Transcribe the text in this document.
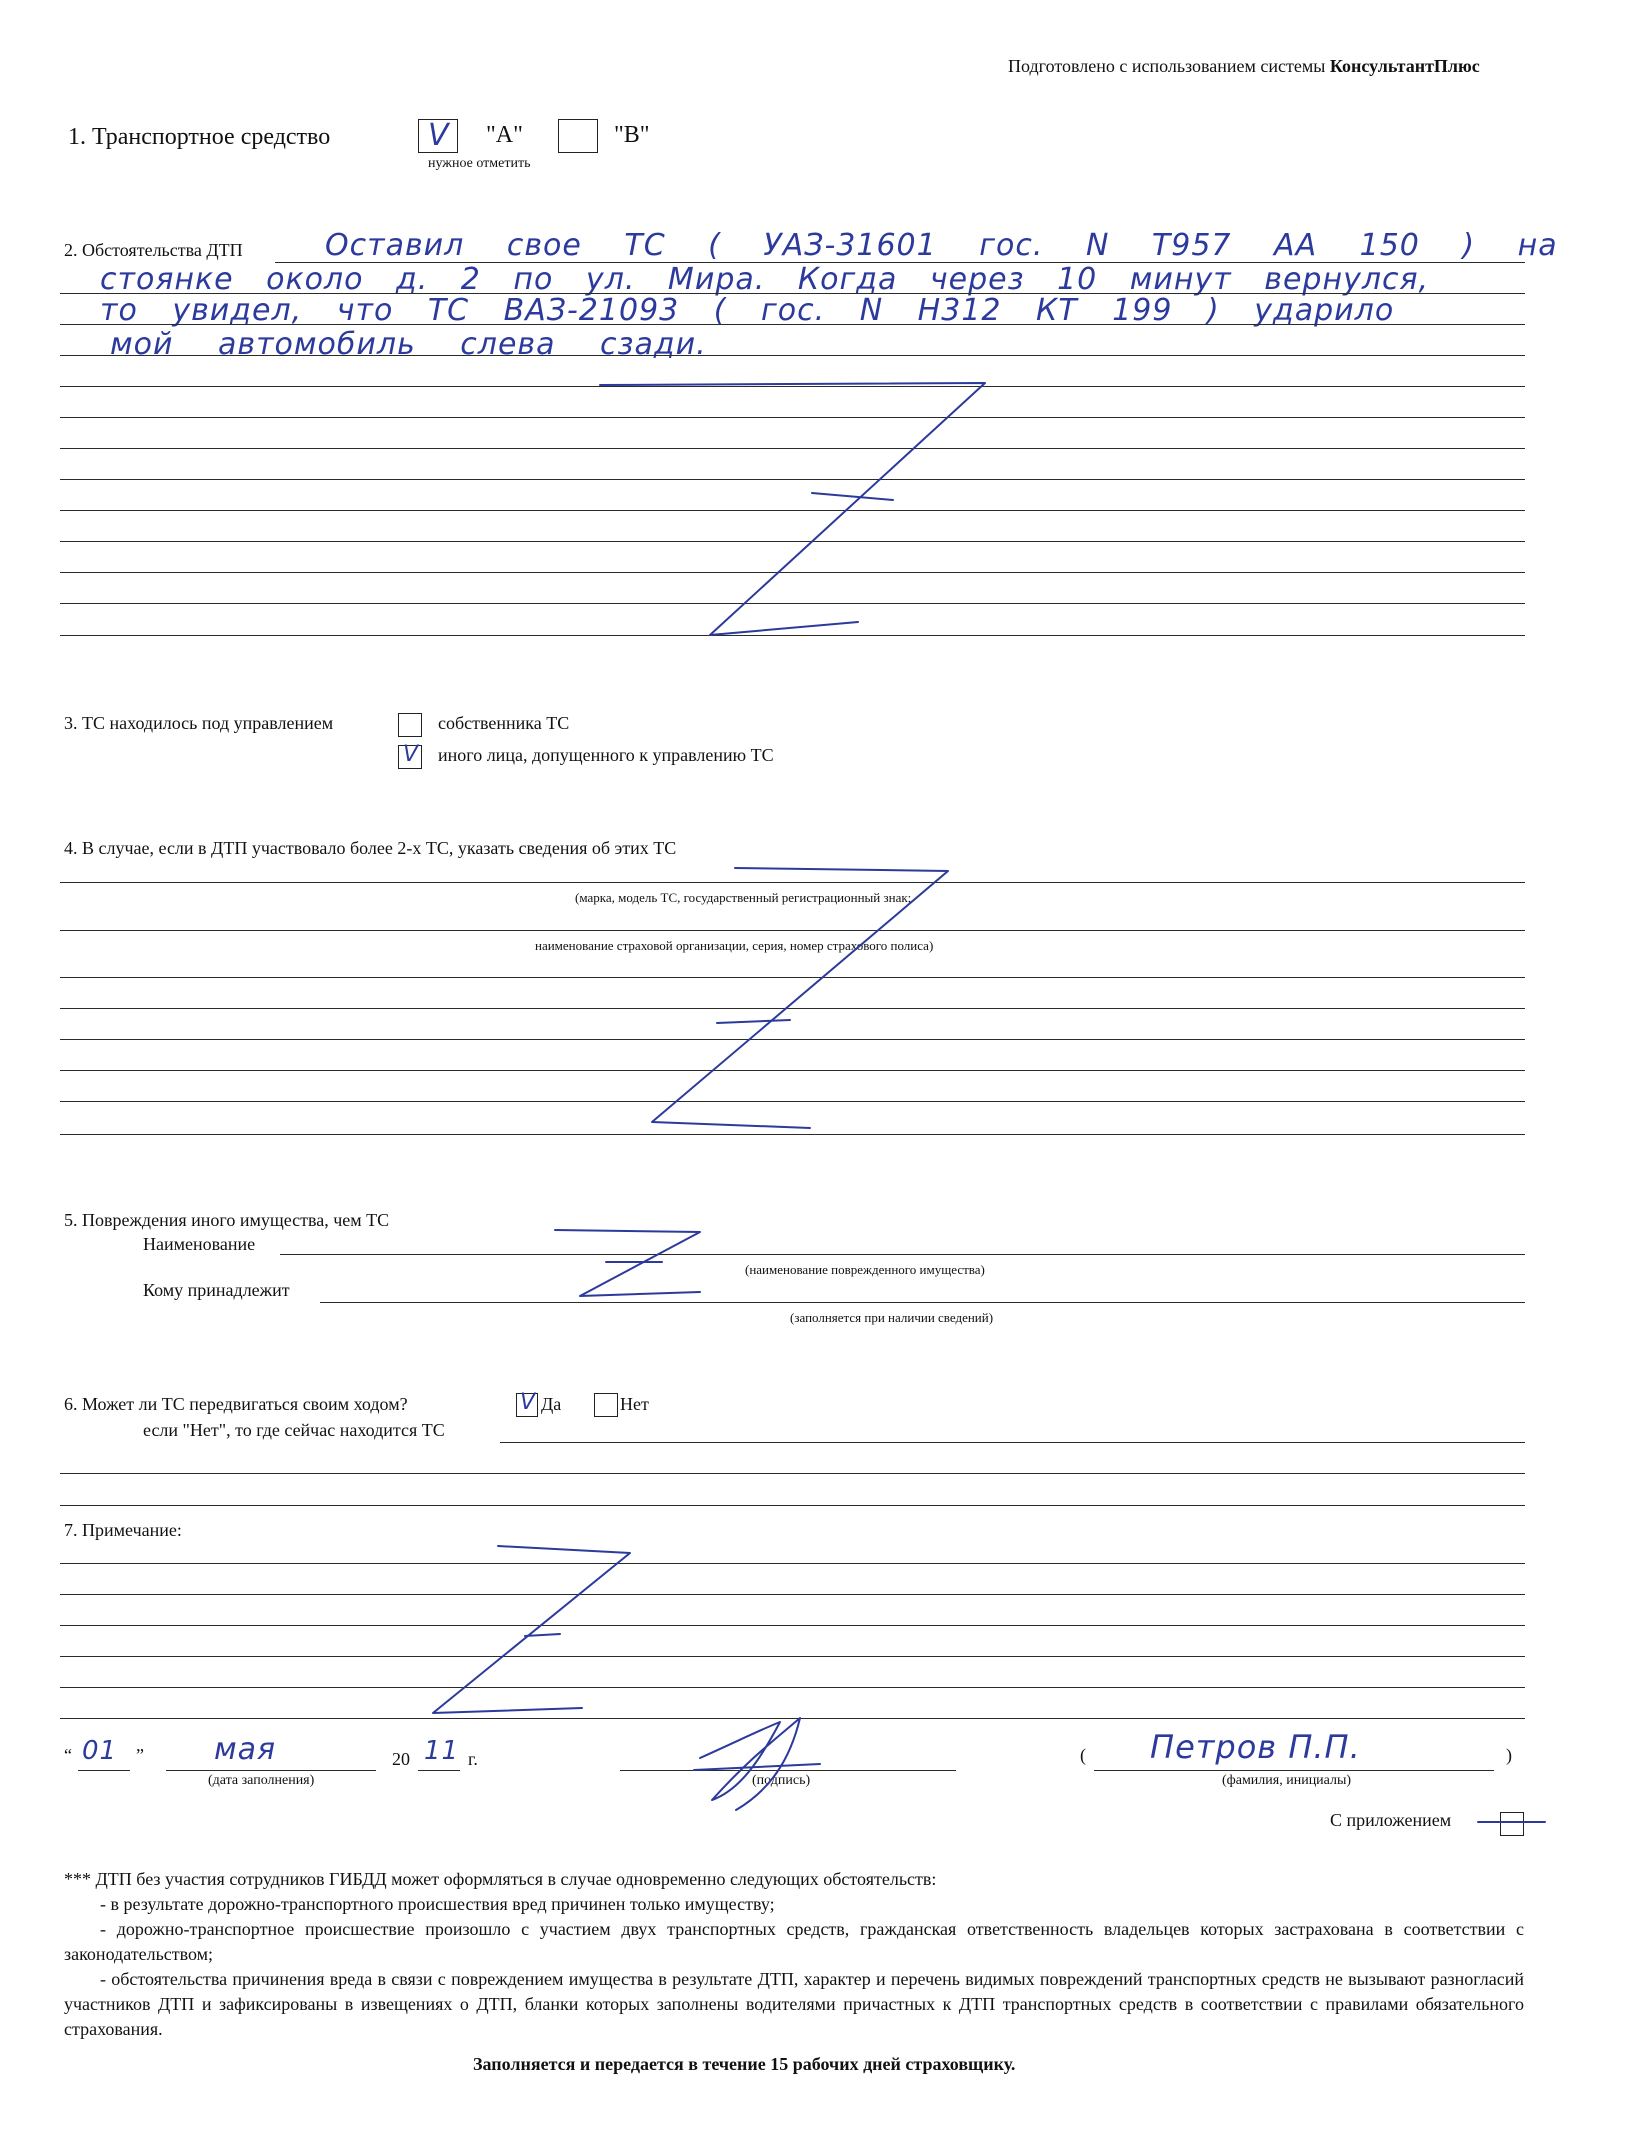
Подготовлено с использованием системы КонсультантПлюс
1. Транспортное средство	V "А"	"В"
нужное отметить
2. Обстоятельства ДТП	Оставил свое ТС ( УАЗ-31601 гос. N Т957 АА 150 ) на
стоянке около д. 2 по ул. Мира. Когда через 10 минут вернулся,
то увидел, что ТС ВАЗ-21093 ( гос. N Н312 КТ 199 ) ударило
мой автомобиль слева сзади.
3. ТС находилось под управлением	собственника ТС
V иного лица, допущенного к управлению ТС
4. В случае, если в ДТП участвовало более 2-х ТС, указать сведения об этих ТС
(марка, модель ТС, государственный регистрационный знак;
наименование страховой организации, серия, номер страхового полиса)
5. Повреждения иного имущества, чем ТС
Наименование
(наименование поврежденного имущества)
Кому принадлежит
(заполняется при наличии сведений)
6. Может ли ТС передвигаться своим ходом?	V Да	Нет
если "Нет", то где сейчас находится ТС
7. Примечание:
“ 01 ” мая
(дата заполнения)
20 11 г.
(подпись)
( Петров П.П.	)
(фамилия, инициалы)
С приложением
*** ДТП без участия сотрудников ГИБДД может оформляться в случае одновременно следующих обстоятельств:
- в результате дорожно-транспортного происшествия вред причинен только имуществу;
- дорожно-транспортное происшествие произошло с участием двух транспортных средств, гражданская ответственность владельцев которых застрахована в соответствии с законодательством;
- обстоятельства причинения вреда в связи с повреждением имущества в результате ДТП, характер и перечень видимых повреждений транспортных средств не вызывают разногласий участников ДТП и зафиксированы в извещениях о ДТП, бланки которых заполнены водителями причастных к ДТП транспортных средств в соответствии с правилами обязательного страхования.
Заполняется и передается в течение 15 рабочих дней страховщику.
